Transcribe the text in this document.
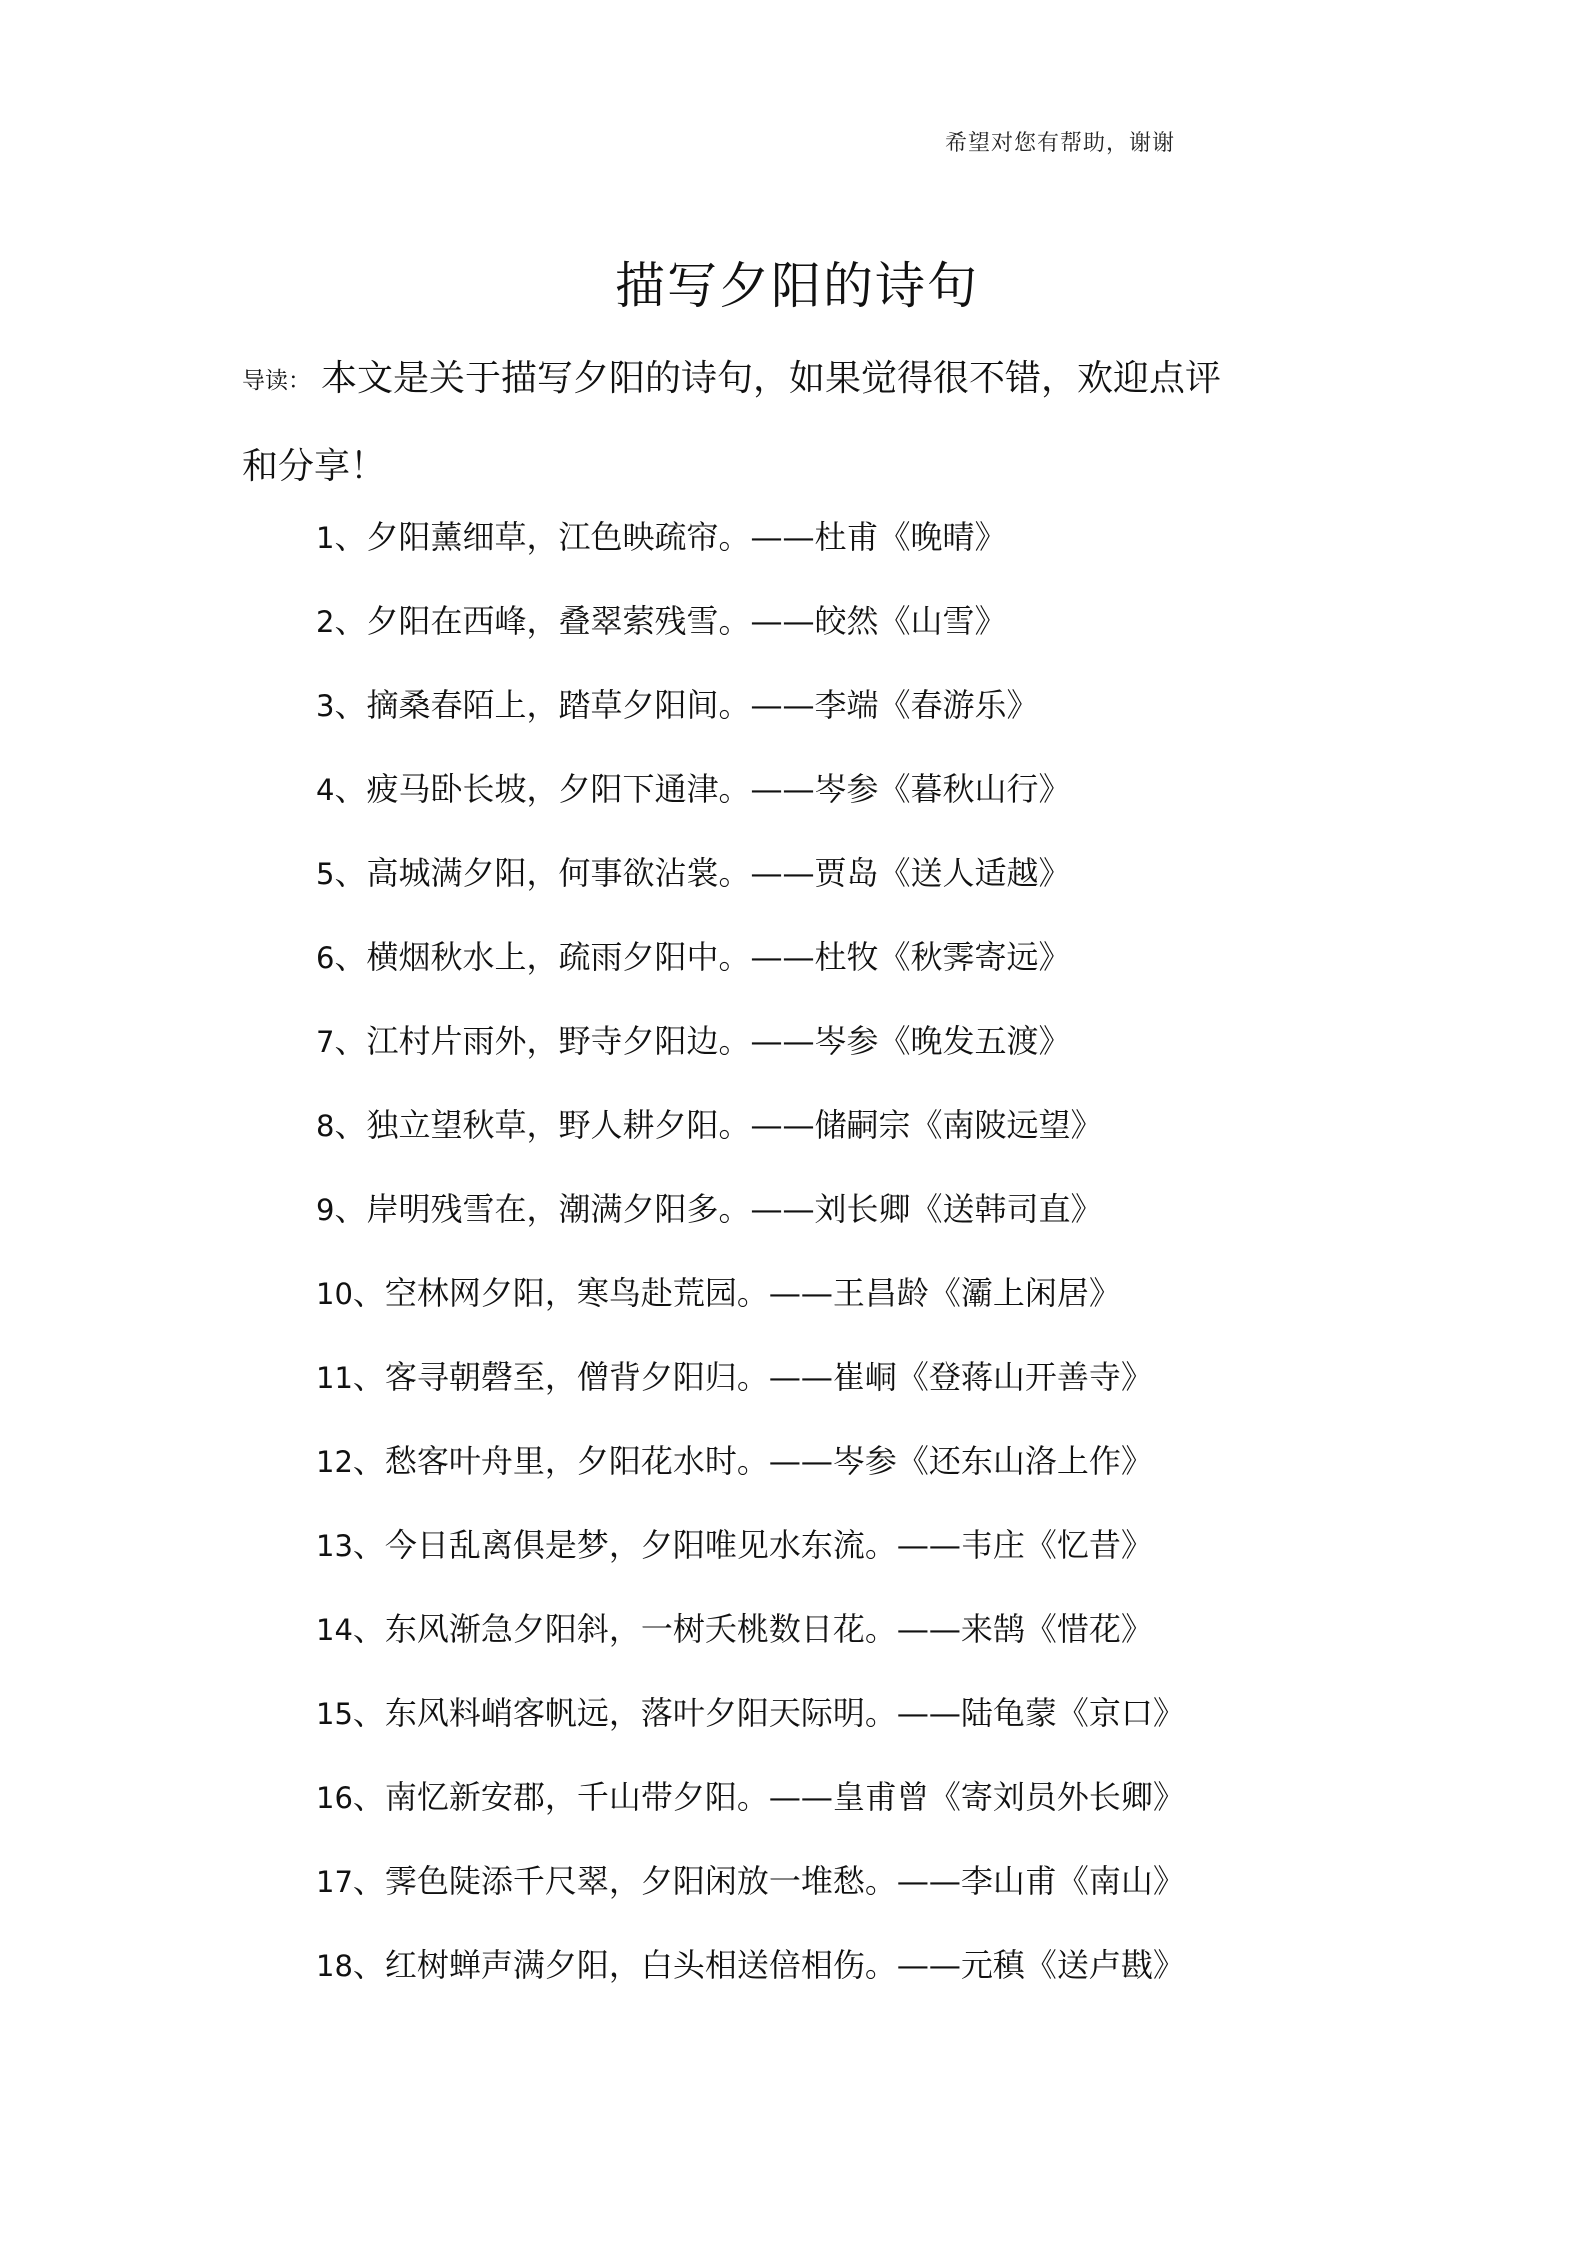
希望对您有帮助，谢谢
描写夕阳的诗句

导读： 本文是关于描写夕阳的诗句，如果觉得很不错，欢迎点评和分享！

1、夕阳薰细草，江色映疏帘。——杜甫《晚晴》
2、夕阳在西峰，叠翠萦残雪。——皎然《山雪》
3、摘桑春陌上，踏草夕阳间。——李端《春游乐》
4、疲马卧长坡，夕阳下通津。——岑参《暮秋山行》
5、高城满夕阳，何事欲沾裳。——贾岛《送人适越》
6、横烟秋水上，疏雨夕阳中。——杜牧《秋霁寄远》
7、江村片雨外，野寺夕阳边。——岑参《晚发五渡》
8、独立望秋草，野人耕夕阳。——储嗣宗《南陂远望》
9、岸明残雪在，潮满夕阳多。——刘长卿《送韩司直》
10、空林网夕阳，寒鸟赴荒园。——王昌龄《灞上闲居》
11、客寻朝磬至，僧背夕阳归。——崔峒《登蒋山开善寺》
12、愁客叶舟里，夕阳花水时。——岑参《还东山洛上作》
13、今日乱离俱是梦，夕阳唯见水东流。——韦庄《忆昔》
14、东风渐急夕阳斜，一树夭桃数日花。——来鹄《惜花》
15、东风料峭客帆远，落叶夕阳天际明。——陆龟蒙《京口》
16、南忆新安郡，千山带夕阳。——皇甫曾《寄刘员外长卿》
17、霁色陡添千尺翠，夕阳闲放一堆愁。——李山甫《南山》
18、红树蝉声满夕阳，白头相送倍相伤。——元稹《送卢戡》
